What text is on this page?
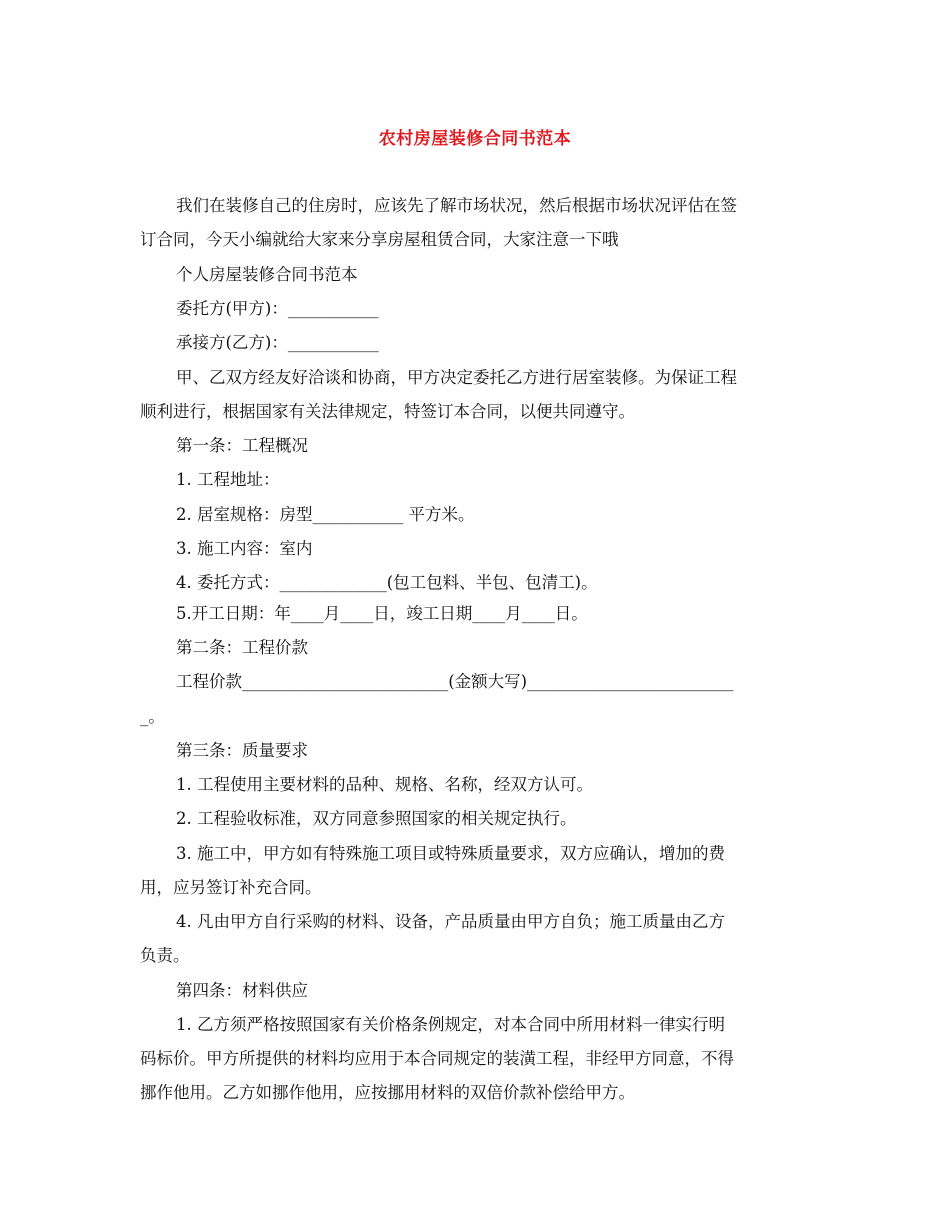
农村房屋装修合同书范本
我们在装修自己的住房时，应该先了解市场状况，然后根据市场状况评估在签
订合同，今天小编就给大家来分享房屋租赁合同，大家注意一下哦
个人房屋装修合同书范本
委托方(甲方)：___________
承接方(乙方)：___________
甲、乙双方经友好洽谈和协商，甲方决定委托乙方进行居室装修。为保证工程
顺利进行，根据国家有关法律规定，特签订本合同，以便共同遵守。
第一条：工程概况
1. 工程地址：
2. 居室规格：房型___________ 平方米。
3. 施工内容：室内
4. 委托方式：_____________(包工包料、半包、包清工)。
5.开工日期：年____月____日，竣工日期____月____日。
第二条：工程价款
工程价款_________________________(金额大写)_________________________
_。
第三条：质量要求
1. 工程使用主要材料的品种、规格、名称，经双方认可。
2. 工程验收标准，双方同意参照国家的相关规定执行。
3. 施工中，甲方如有特殊施工项目或特殊质量要求，双方应确认，增加的费
用，应另签订补充合同。
4. 凡由甲方自行采购的材料、设备，产品质量由甲方自负；施工质量由乙方
负责。
第四条：材料供应
1. 乙方须严格按照国家有关价格条例规定，对本合同中所用材料一律实行明
码标价。甲方所提供的材料均应用于本合同规定的装潢工程，非经甲方同意，不得
挪作他用。乙方如挪作他用，应按挪用材料的双倍价款补偿给甲方。
